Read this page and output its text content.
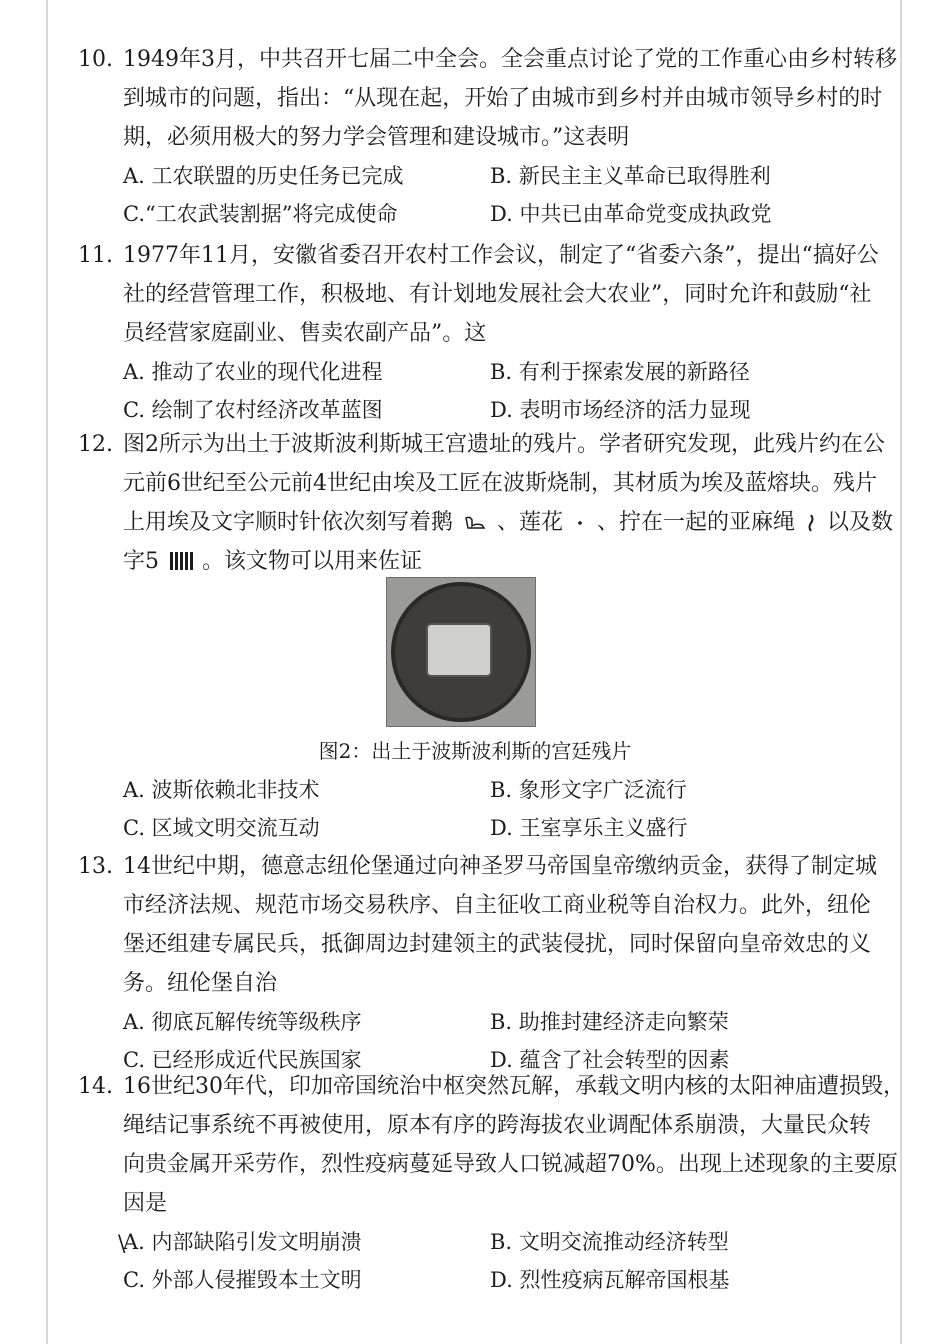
10. 1949年3月，中共召开七届二中全会。全会重点讨论了党的工作重心由乡村转移
到城市的问题，指出：“从现在起，开始了由城市到乡村并由城市领导乡村的时
期，必须用极大的努力学会管理和建设城市。”这表明
A. 工农联盟的历史任务已完成	B. 新民主主义革命已取得胜利
C.“工农武装割据”将完成使命	D. 中共已由革命党变成执政党
11. 1977年11月，安徽省委召开农村工作会议，制定了“省委六条”，提出“搞好公
社的经营管理工作，积极地、有计划地发展社会大农业”，同时允许和鼓励“社
员经营家庭副业、售卖农副产品”。这
A. 推动了农业的现代化进程	B. 有利于探索发展的新路径
C. 绘制了农村经济改革蓝图	D. 表明市场经济的活力显现
12. 图2所示为出土于波斯波利斯城王宫遗址的残片。学者研究发现，此残片约在公
元前6世纪至公元前4世纪由埃及工匠在波斯烧制，其材质为埃及蓝熔块。残片
上用埃及文字顺时针依次刻写着鹅 、莲花 、拧在一起的亚麻绳 以及数
字5 。该文物可以用来佐证
图2：出土于波斯波利斯的宫廷残片
A. 波斯依赖北非技术	B. 象形文字广泛流行
C. 区域文明交流互动	D. 王室享乐主义盛行
13. 14世纪中期，德意志纽伦堡通过向神圣罗马帝国皇帝缴纳贡金，获得了制定城
市经济法规、规范市场交易秩序、自主征收工商业税等自治权力。此外，纽伦
堡还组建专属民兵，抵御周边封建领主的武装侵扰，同时保留向皇帝效忠的义
务。纽伦堡自治
A. 彻底瓦解传统等级秩序	B. 助推封建经济走向繁荣
C. 已经形成近代民族国家	D. 蕴含了社会转型的因素
14. 16世纪30年代，印加帝国统治中枢突然瓦解，承载文明内核的太阳神庙遭损毁，
绳结记事系统不再被使用，原本有序的跨海拔农业调配体系崩溃，大量民众转
向贵金属开采劳作，烈性疫病蔓延导致人口锐减超70%。出现上述现象的主要原
因是
A. 内部缺陷引发文明崩溃	B. 文明交流推动经济转型
C. 外部人侵摧毁本土文明	D. 烈性疫病瓦解帝国根基
\
